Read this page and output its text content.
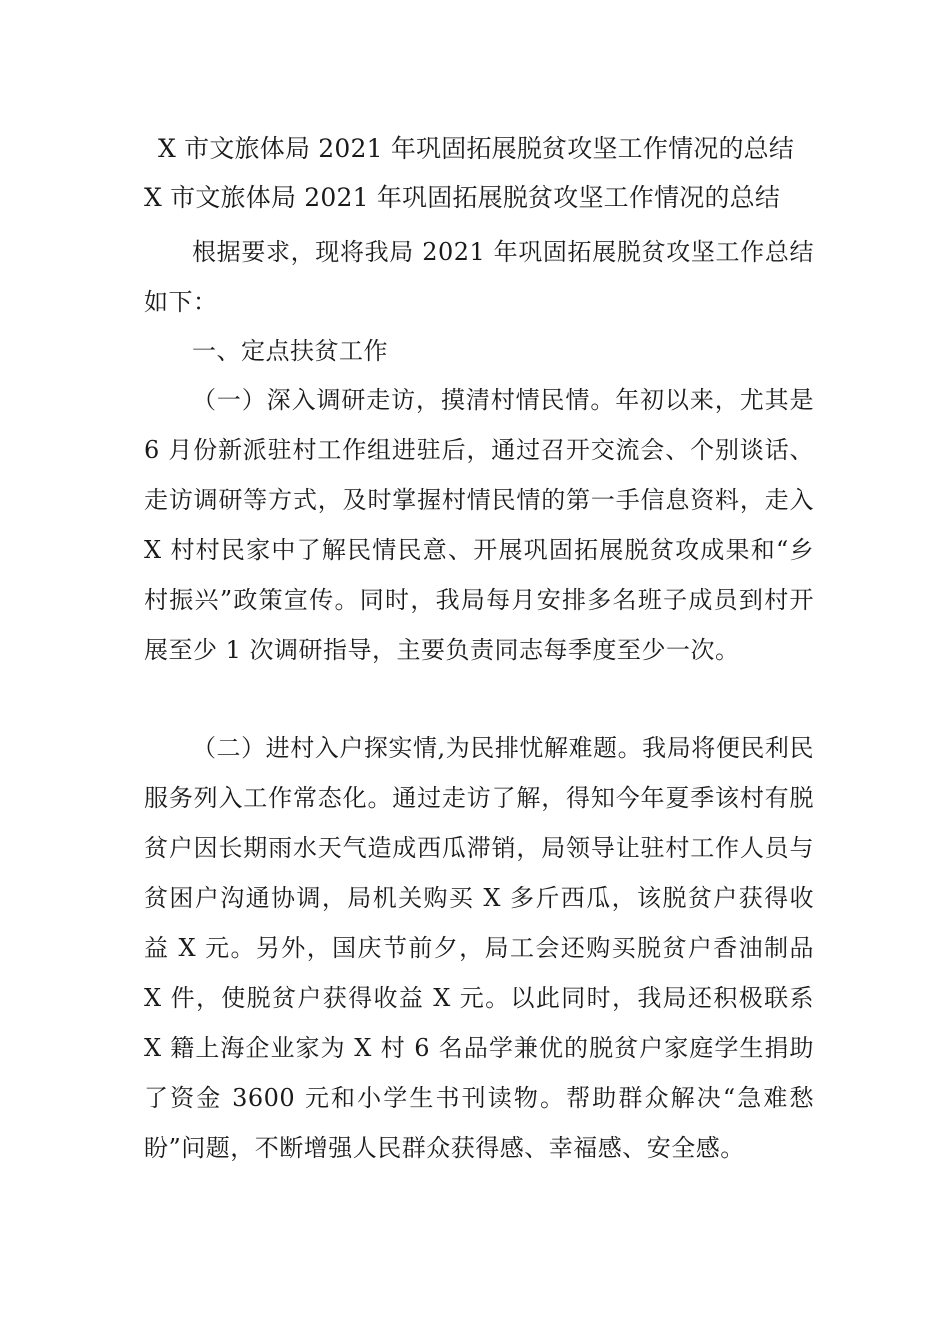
X 市文旅体局 2021 年巩固拓展脱贫攻坚工作情况的总结
X 市文旅体局 2021 年巩固拓展脱贫攻坚工作情况的总结
根据要求，现将我局 2021 年巩固拓展脱贫攻坚工作总结如下：
一、定点扶贫工作
（一）深入调研走访，摸清村情民情。年初以来，尤其是 6 月份新派驻村工作组进驻后，通过召开交流会、个别谈话、走访调研等方式，及时掌握村情民情的第一手信息资料，走入 X 村村民家中了解民情民意、开展巩固拓展脱贫攻成果和“乡村振兴”政策宣传。同时，我局每月安排多名班子成员到村开展至少 1 次调研指导，主要负责同志每季度至少一次。
（二）进村入户探实情,为民排忧解难题。我局将便民利民服务列入工作常态化。通过走访了解，得知今年夏季该村有脱贫户因长期雨水天气造成西瓜滞销，局领导让驻村工作人员与贫困户沟通协调，局机关购买 X 多斤西瓜，该脱贫户获得收益 X 元。另外，国庆节前夕，局工会还购买脱贫户香油制品 X 件，使脱贫户获得收益 X 元。以此同时，我局还积极联系 X 籍上海企业家为 X 村 6 名品学兼优的脱贫户家庭学生捐助了资金 3600 元和小学生书刊读物。帮助群众解决“急难愁盼”问题，不断增强人民群众获得感、幸福感、安全感。
